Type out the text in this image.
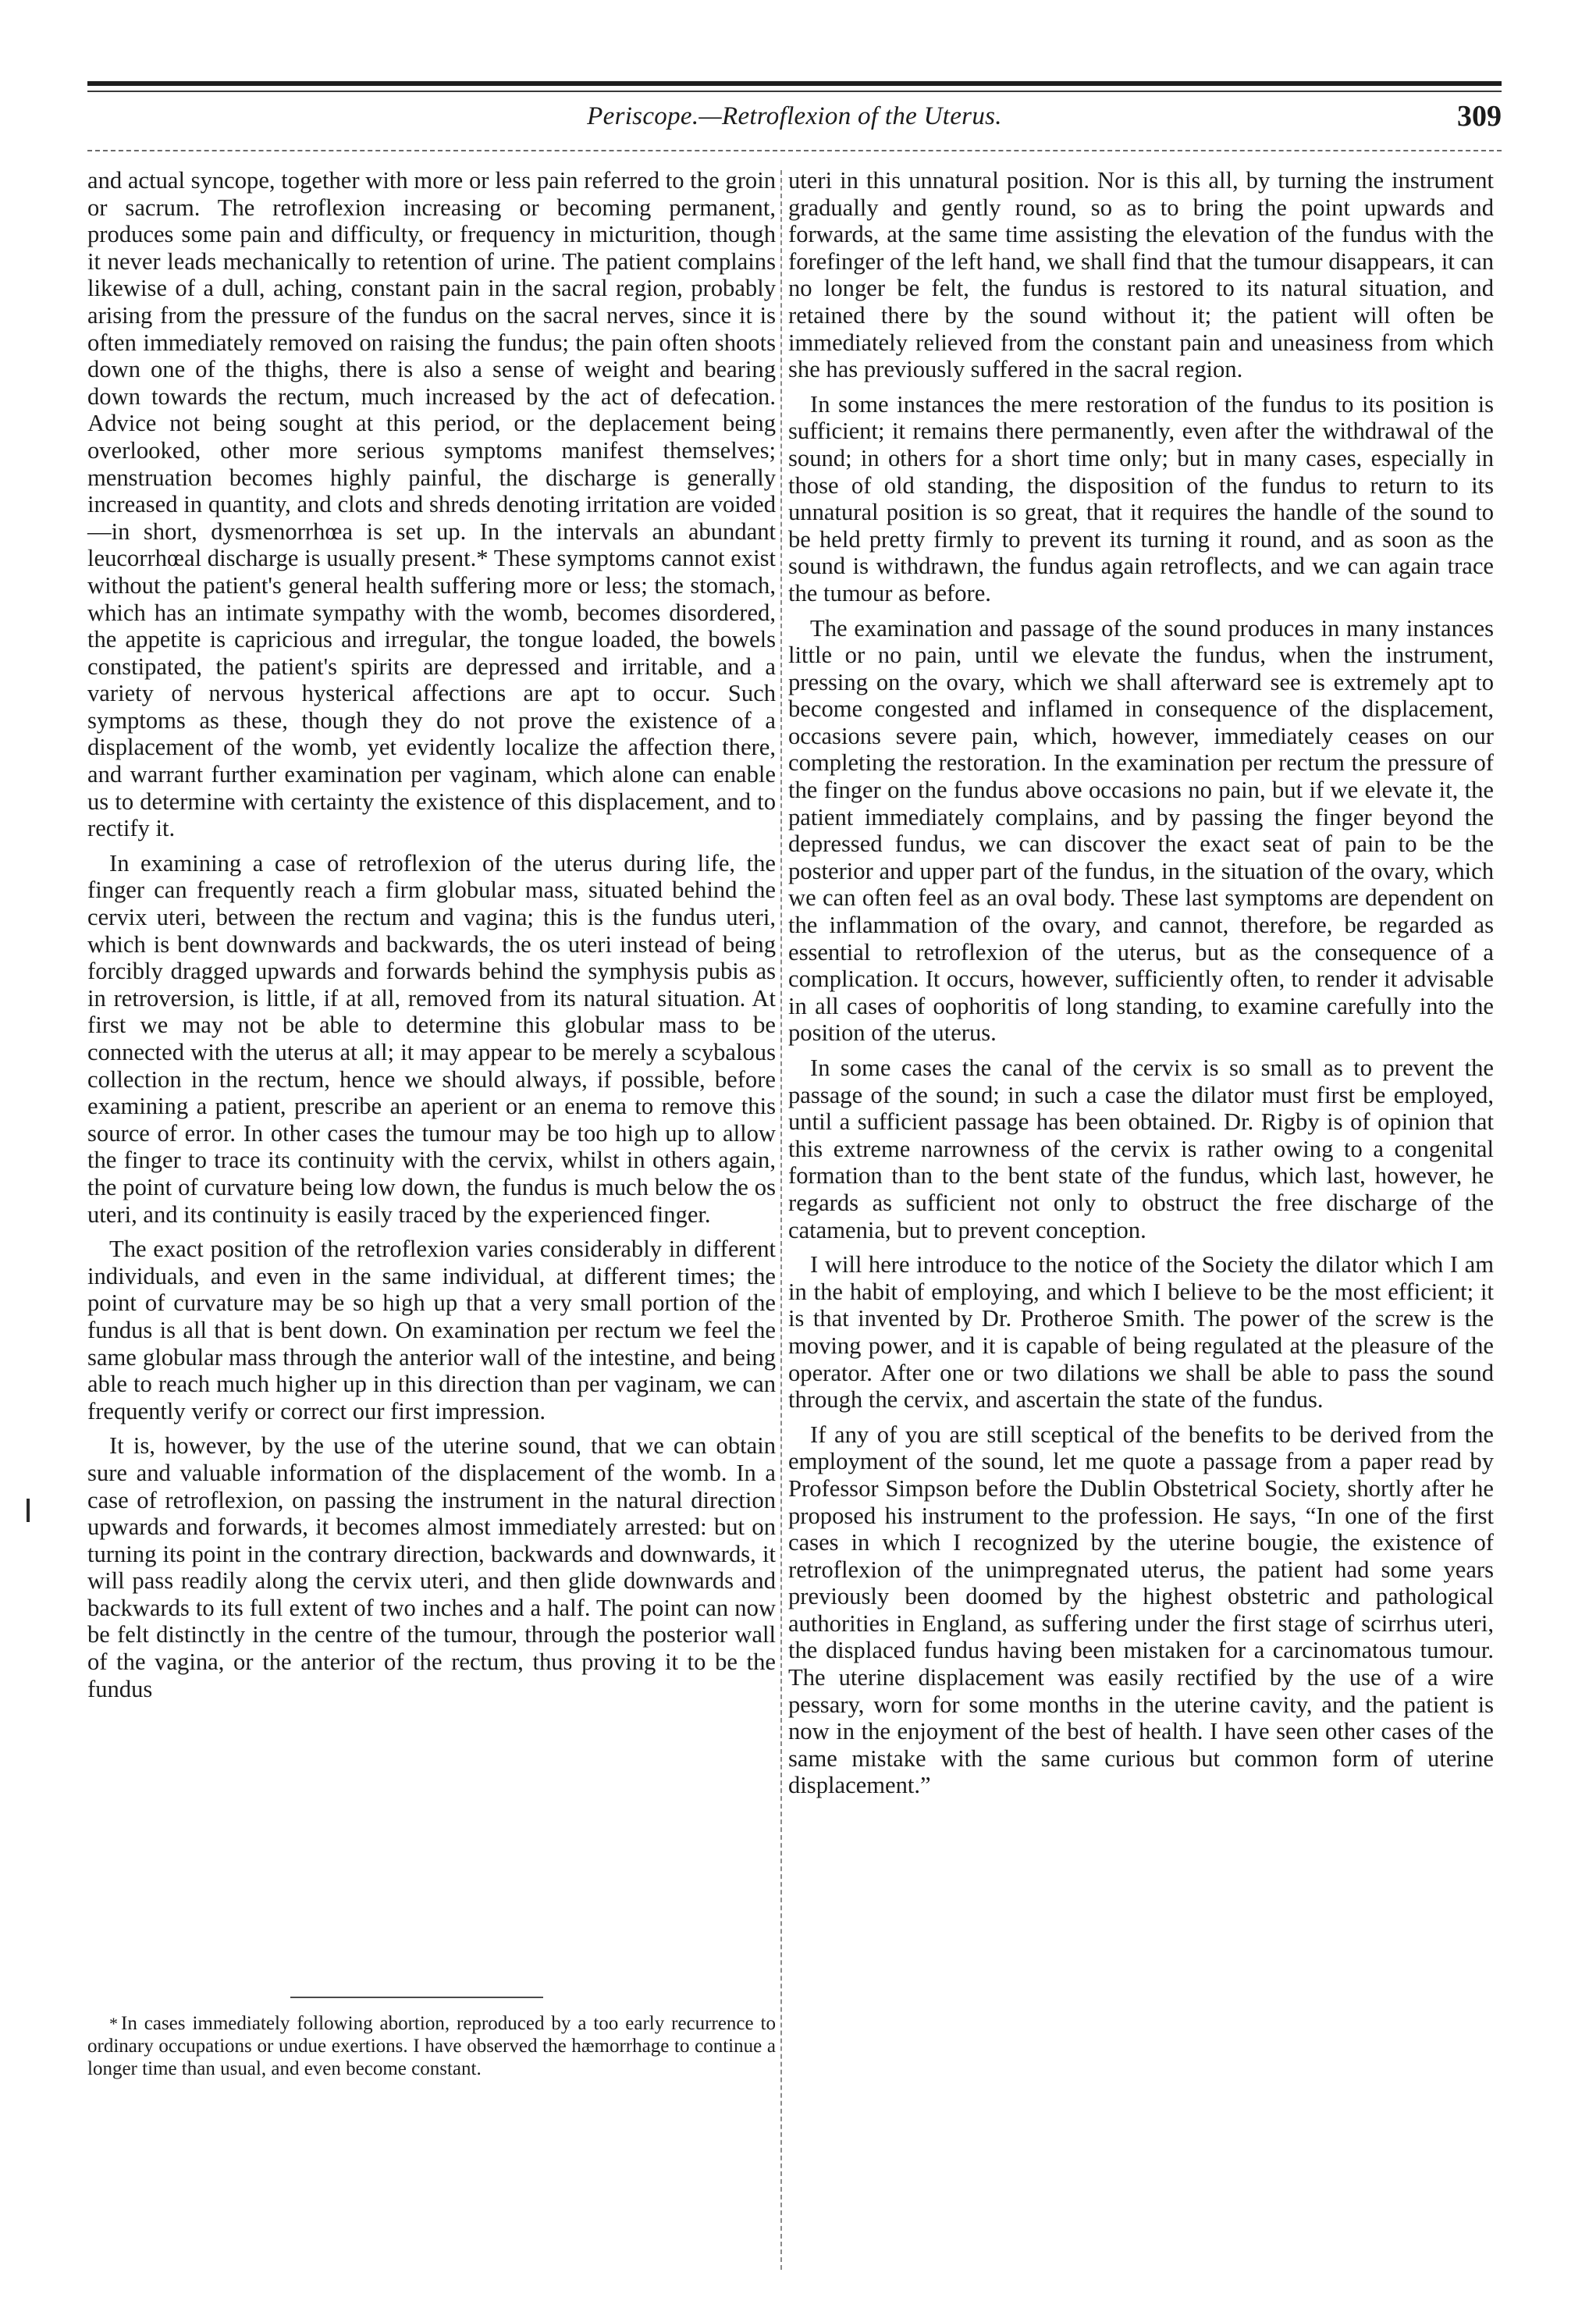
Periscope.—Retroflexion of the Uterus.	309

and actual syncope, together with more or less pain referred to the groin or sacrum. The retroflexion increasing or becoming permanent, produces some pain and difficulty, or frequency in micturition, though it never leads mechanically to retention of urine. The patient complains likewise of a dull, aching, constant pain in the sacral region, probably arising from the pressure of the fundus on the sacral nerves, since it is often immediately removed on raising the fundus; the pain often shoots down one of the thighs, there is also a sense of weight and bearing down towards the rectum, much increased by the act of defecation. Advice not being sought at this period, or the deplacement being overlooked, other more serious symptoms manifest themselves; menstruation becomes highly painful, the discharge is generally increased in quantity, and clots and shreds denoting irritation are voided—in short, dysmenorrhœa is set up. In the intervals an abundant leucorrhœal discharge is usually present.* These symptoms cannot exist without the patient's general health suffering more or less; the stomach, which has an intimate sympathy with the womb, becomes disordered, the appetite is capricious and irregular, the tongue loaded, the bowels constipated, the patient's spirits are depressed and irritable, and a variety of nervous hysterical affections are apt to occur. Such symptoms as these, though they do not prove the existence of a displacement of the womb, yet evidently localize the affection there, and warrant further examination per vaginam, which alone can enable us to determine with certainty the existence of this displacement, and to rectify it.

In examining a case of retroflexion of the uterus during life, the finger can frequently reach a firm globular mass, situated behind the cervix uteri, between the rectum and vagina; this is the fundus uteri, which is bent downwards and backwards, the os uteri instead of being forcibly dragged upwards and forwards behind the symphysis pubis as in retroversion, is little, if at all, removed from its natural situation. At first we may not be able to determine this globular mass to be connected with the uterus at all; it may appear to be merely a scybalous collection in the rectum, hence we should always, if possible, before examining a patient, prescribe an aperient or an enema to remove this source of error. In other cases the tumour may be too high up to allow the finger to trace its continuity with the cervix, whilst in others again, the point of curvature being low down, the fundus is much below the os uteri, and its continuity is easily traced by the experienced finger.

The exact position of the retroflexion varies considerably in different individuals, and even in the same individual, at different times; the point of curvature may be so high up that a very small portion of the fundus is all that is bent down. On examination per rectum we feel the same globular mass through the anterior wall of the intestine, and being able to reach much higher up in this direction than per vaginam, we can frequently verify or correct our first impression.

It is, however, by the use of the uterine sound, that we can obtain sure and valuable information of the displacement of the womb. In a case of retroflexion, on passing the instrument in the natural direction upwards and forwards, it becomes almost immediately arrested: but on turning its point in the contrary direction, backwards and downwards, it will pass readily along the cervix uteri, and then glide downwards and backwards to its full extent of two inches and a half. The point can now be felt distinctly in the centre of the tumour, through the posterior wall of the vagina, or the anterior of the rectum, thus proving it to be the fundus

uteri in this unnatural position. Nor is this all, by turning the instrument gradually and gently round, so as to bring the point upwards and forwards, at the same time assisting the elevation of the fundus with the forefinger of the left hand, we shall find that the tumour disappears, it can no longer be felt, the fundus is restored to its natural situation, and retained there by the sound without it; the patient will often be immediately relieved from the constant pain and uneasiness from which she has previously suffered in the sacral region.

In some instances the mere restoration of the fundus to its position is sufficient; it remains there permanently, even after the withdrawal of the sound; in others for a short time only; but in many cases, especially in those of old standing, the disposition of the fundus to return to its unnatural position is so great, that it requires the handle of the sound to be held pretty firmly to prevent its turning it round, and as soon as the sound is withdrawn, the fundus again retroflects, and we can again trace the tumour as before.

The examination and passage of the sound produces in many instances little or no pain, until we elevate the fundus, when the instrument, pressing on the ovary, which we shall afterward see is extremely apt to become congested and inflamed in consequence of the displacement, occasions severe pain, which, however, immediately ceases on our completing the restoration. In the examination per rectum the pressure of the finger on the fundus above occasions no pain, but if we elevate it, the patient immediately complains, and by passing the finger beyond the depressed fundus, we can discover the exact seat of pain to be the posterior and upper part of the fundus, in the situation of the ovary, which we can often feel as an oval body. These last symptoms are dependent on the inflammation of the ovary, and cannot, therefore, be regarded as essential to retroflexion of the uterus, but as the consequence of a complication. It occurs, however, sufficiently often, to render it advisable in all cases of oophoritis of long standing, to examine carefully into the position of the uterus.

In some cases the canal of the cervix is so small as to prevent the passage of the sound; in such a case the dilator must first be employed, until a sufficient passage has been obtained. Dr. Rigby is of opinion that this extreme narrowness of the cervix is rather owing to a congenital formation than to the bent state of the fundus, which last, however, he regards as sufficient not only to obstruct the free discharge of the catamenia, but to prevent conception.

I will here introduce to the notice of the Society the dilator which I am in the habit of employing, and which I believe to be the most efficient; it is that invented by Dr. Protheroe Smith. The power of the screw is the moving power, and it is capable of being regulated at the pleasure of the operator. After one or two dilations we shall be able to pass the sound through the cervix, and ascertain the state of the fundus.

If any of you are still sceptical of the benefits to be derived from the employment of the sound, let me quote a passage from a paper read by Professor Simpson before the Dublin Obstetrical Society, shortly after he proposed his instrument to the profession. He says, “In one of the first cases in which I recognized by the uterine bougie, the existence of retroflexion of the unimpregnated uterus, the patient had some years previously been doomed by the highest obstetric and pathological authorities in England, as suffering under the first stage of scirrhus uteri, the displaced fundus having been mistaken for a carcinomatous tumour. The uterine displacement was easily rectified by the use of a wire pessary, worn for some months in the uterine cavity, and the patient is now in the enjoyment of the best of health. I have seen other cases of the same mistake with the same curious but common form of uterine displacement.”

* In cases immediately following abortion, reproduced by a too early recurrence to ordinary occupations or undue exertions. I have observed the hæmorrhage to continue a longer time than usual, and even become constant.
